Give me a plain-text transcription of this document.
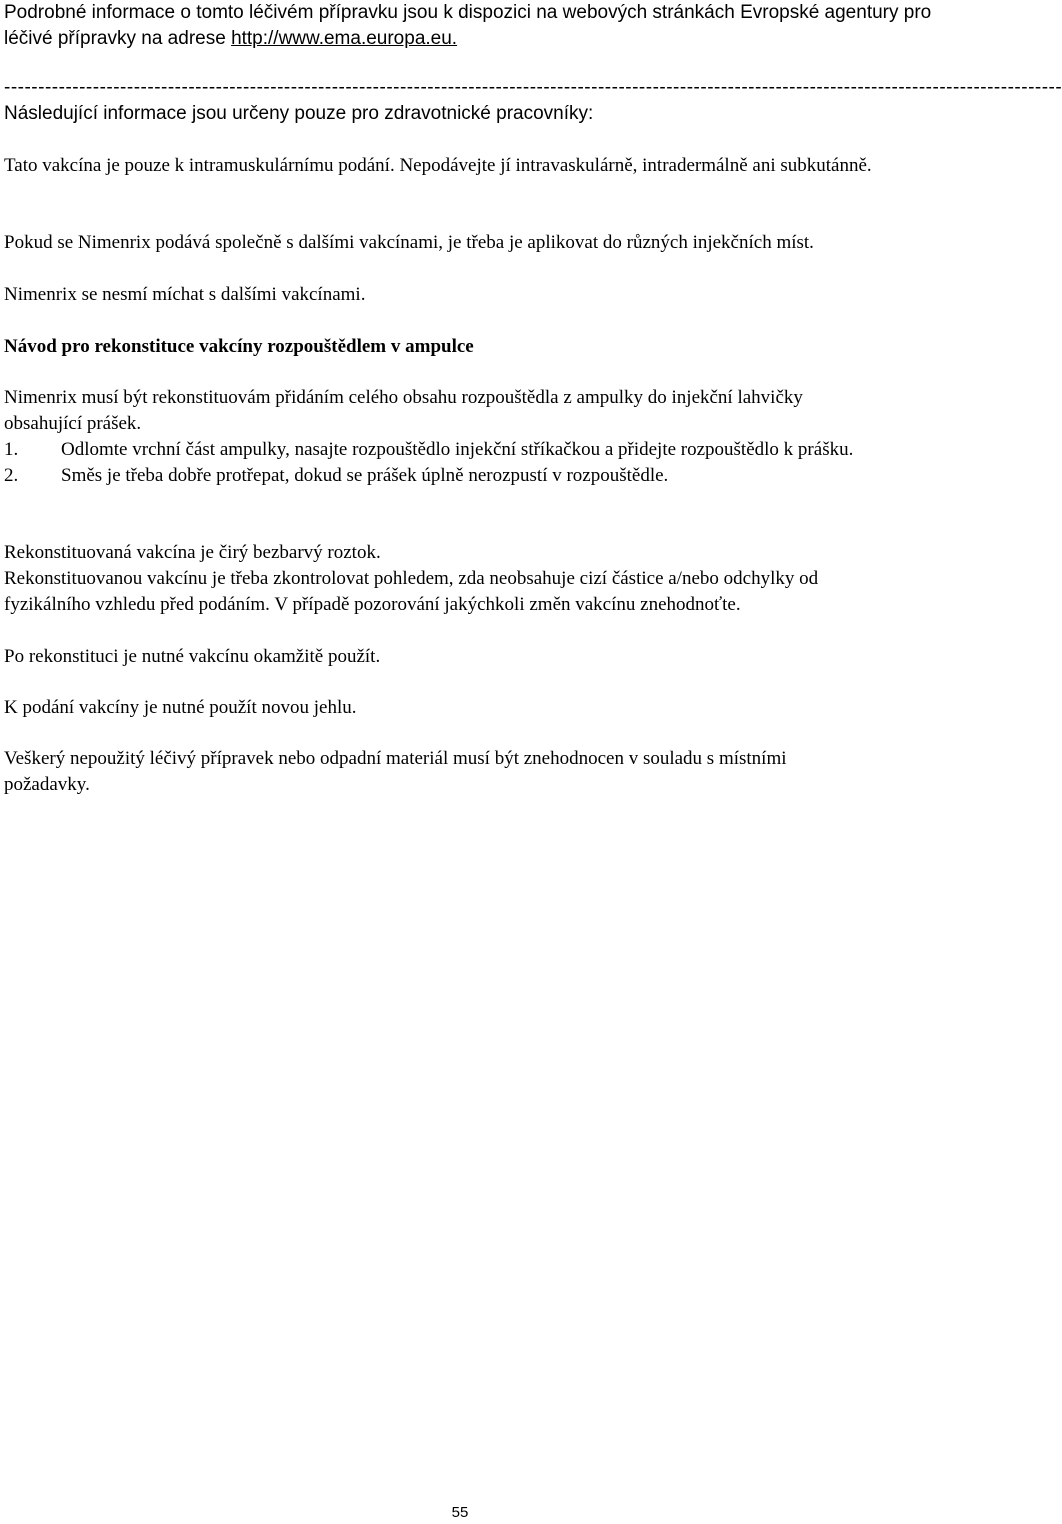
Podrobné informace o tomto léčivém přípravku jsou k dispozici na webových stránkách Evropské agentury pro léčivé přípravky na adrese http://www.ema.europa.eu.

-----------------------------------------------------------------------------------------------------------------------------------------------------------

Následující informace jsou určeny pouze pro zdravotnické pracovníky:

Tato vakcína je pouze k intramuskulárnímu podání. Nepodávejte jí intravaskulárně, intradermálně ani subkutánně.

Pokud se Nimenrix podává společně s dalšími vakcínami, je třeba je aplikovat do různých injekčních míst.

Nimenrix se nesmí míchat s dalšími vakcínami.

Návod pro rekonstituce vakcíny rozpouštědlem v ampulce

Nimenrix musí být rekonstituovám přidáním celého obsahu rozpouštědla z ampulky do injekční lahvičky obsahující prášek.

1. Odlomte vrchní část ampulky, nasajte rozpouštědlo injekční stříkačkou a přidejte rozpouštědlo k prášku.
2. Směs je třeba dobře protřepat, dokud se prášek úplně nerozpustí v rozpouštědle.

Rekonstituovaná vakcína je čirý bezbarvý roztok.

Rekonstituovanou vakcínu je třeba zkontrolovat pohledem, zda neobsahuje cizí částice a/nebo odchylky od fyzikálního vzhledu před podáním. V případě pozorování jakýchkoli změn vakcínu znehodnoťte.

Po rekonstituci je nutné vakcínu okamžitě použít.

K podání vakcíny je nutné použít novou jehlu.

Veškerý nepoužitý léčivý přípravek nebo odpadní materiál musí být znehodnocen v souladu s místními požadavky.

55
